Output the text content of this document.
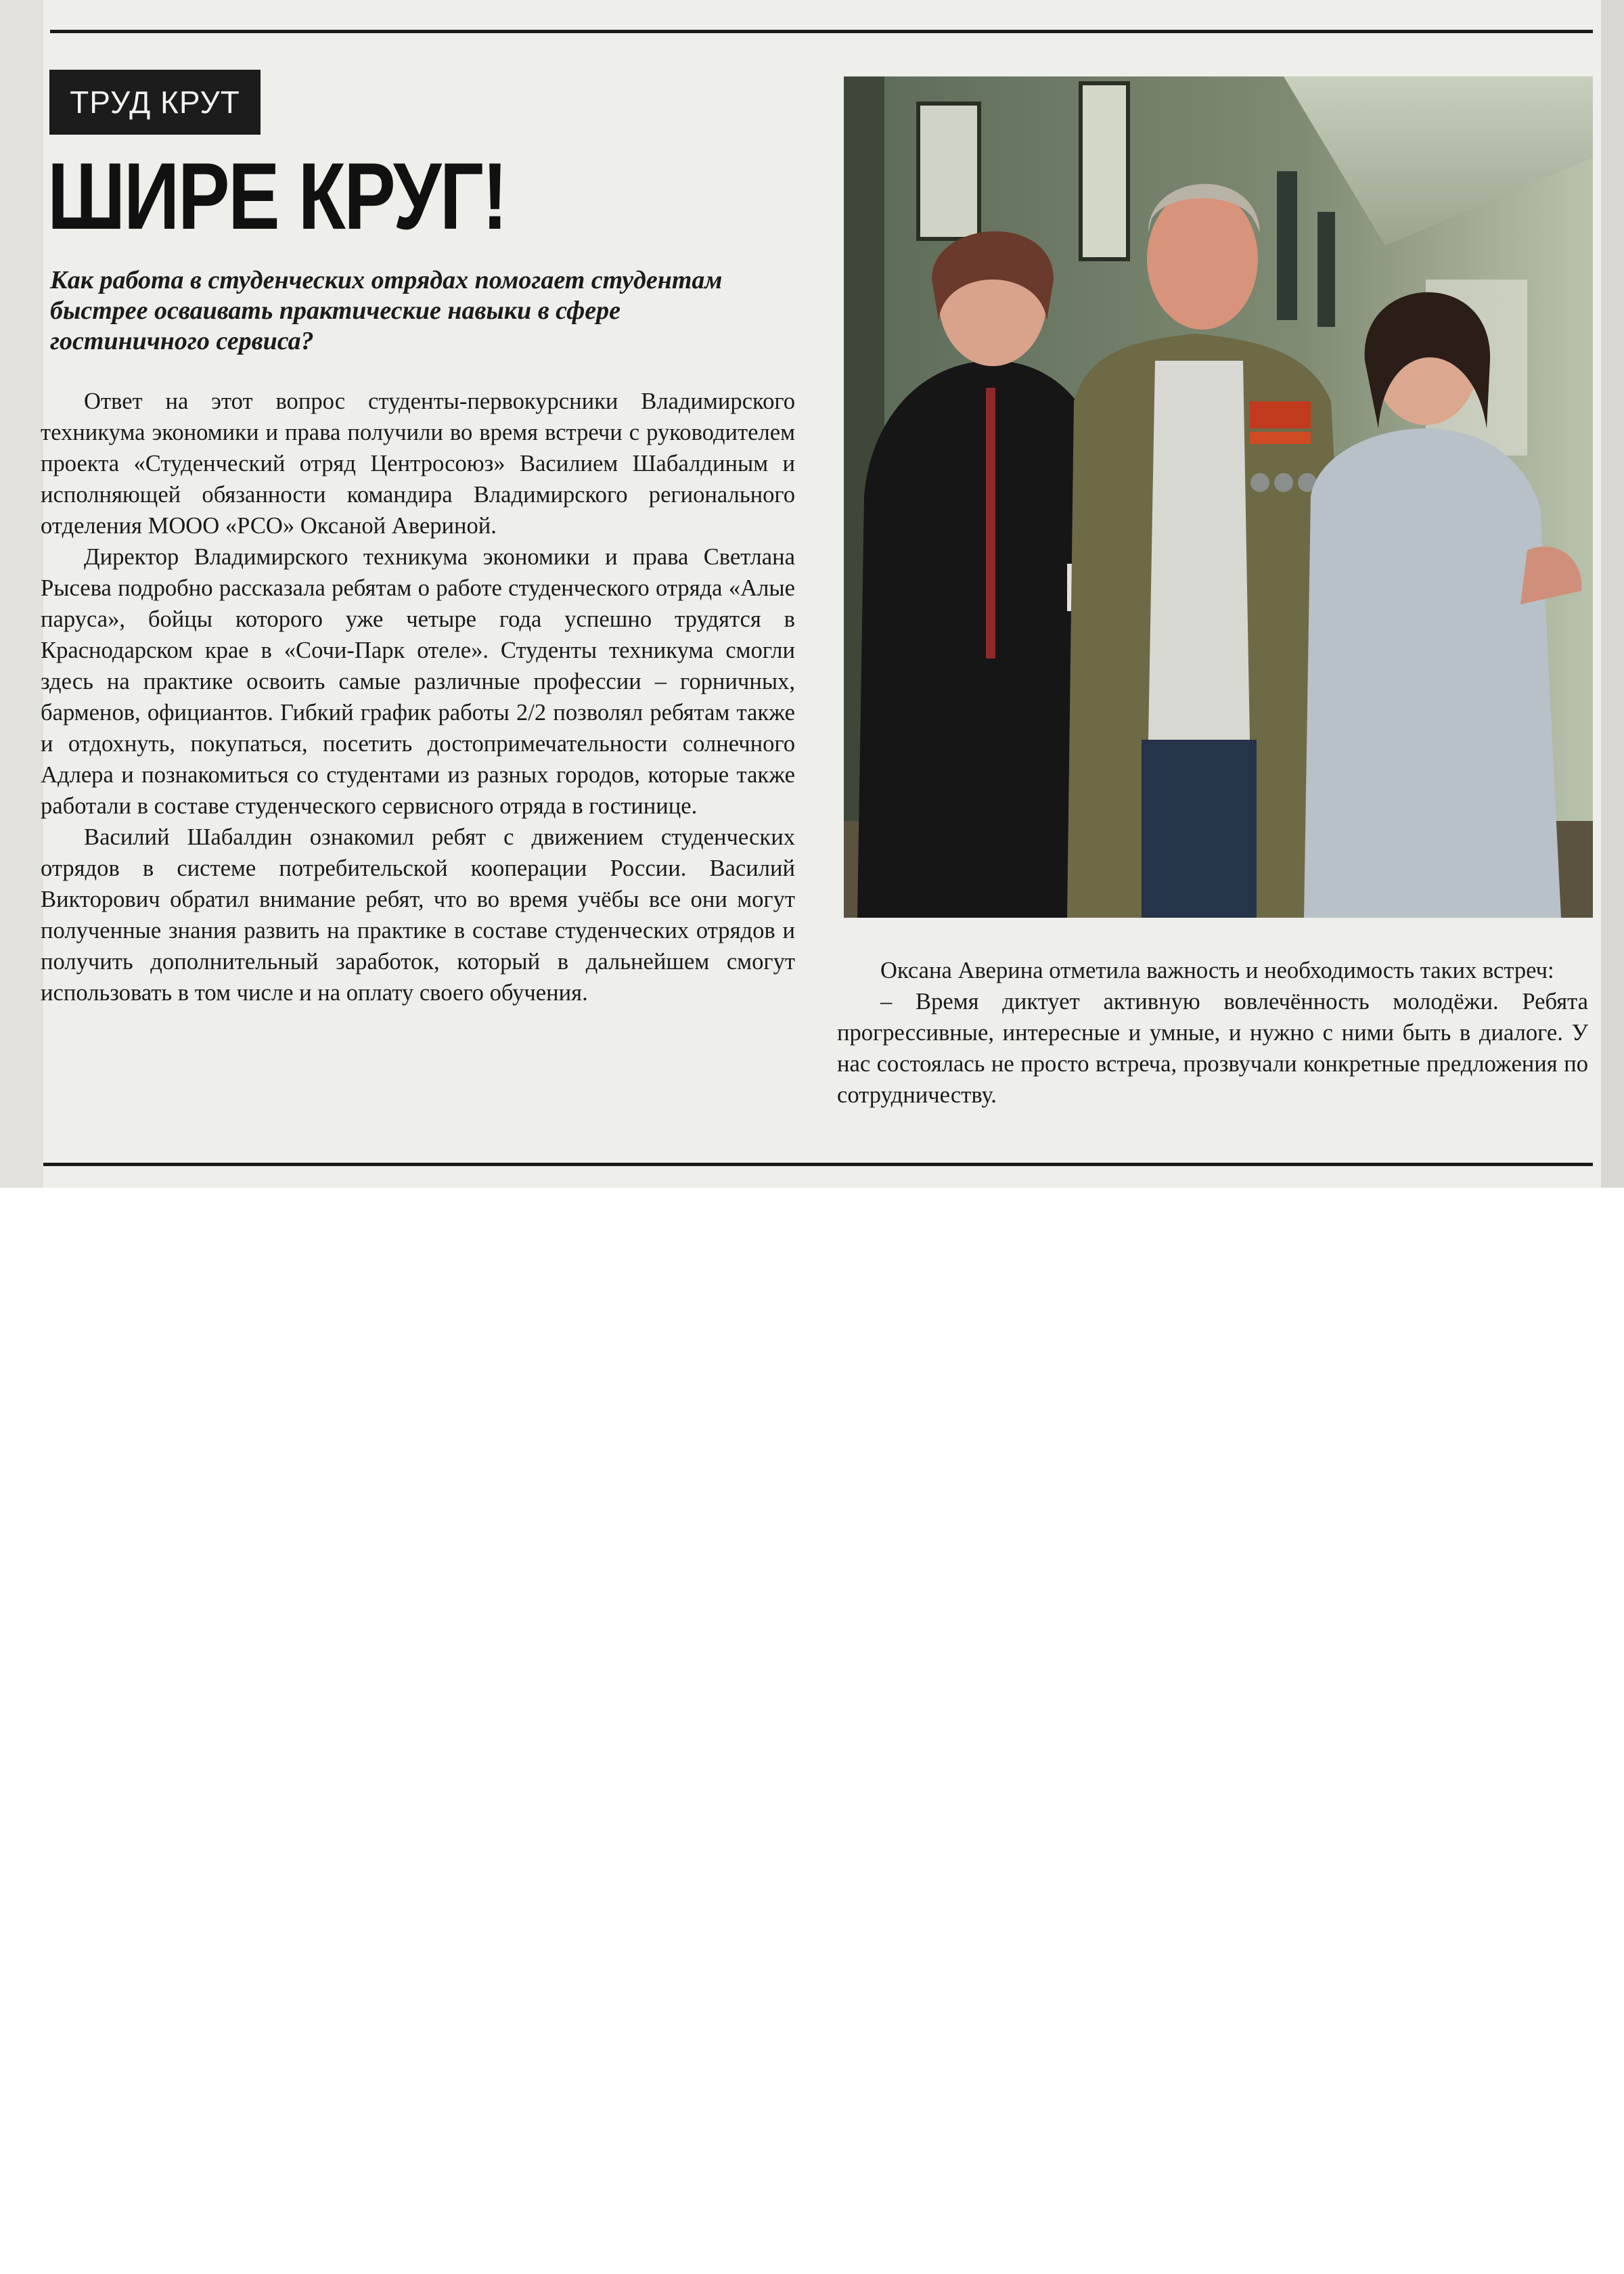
ТРУД КРУТ
ШИРЕ КРУГ!

Как работа в студенческих отрядах помогает студентам быстрее осваивать практические навыки в сфере гостиничного сервиса?

Ответ на этот вопрос студенты-первокурсники Владимирского техникума экономики и права получили во время встречи с руководителем проекта «Студенческий отряд Центросоюз» Василием Шабалдиным и исполняющей обязанности командира Владимирского регионального отделения МООО «РСО» Оксаной Авериной.

Директор Владимирского техникума экономики и права Светлана Рысева подробно рассказала ребятам о работе студенческого отряда «Алые паруса», бойцы которого уже четыре года успешно трудятся в Краснодарском крае в «Сочи-Парк отеле». Студенты техникума смогли здесь на практике освоить самые различные профессии – горничных, барменов, официантов. Гибкий график работы 2/2 позволял ребятам также и отдохнуть, покупаться, посетить достопримечательности солнечного Адлера и познакомиться со студентами из разных городов, которые также работали в составе студенческого сервисного отряда в гостинице.

Василий Шабалдин ознакомил ребят с движением студенческих отрядов в системе потребительской кооперации России. Василий Викторович обратил внимание ребят, что во время учёбы все они могут полученные знания развить на практике в составе студенческих отрядов и получить дополнительный заработок, который в дальнейшем смогут использовать в том числе и на оплату своего обучения.

Оксана Аверина отметила важность и необходимость таких встреч:

– Время диктует активную вовлечённость молодёжи. Ребята прогрессивные, интересные и умные, и нужно с ними быть в диалоге. У нас состоялась не просто встреча, прозвучали конкретные предложения по сотрудничеству.
